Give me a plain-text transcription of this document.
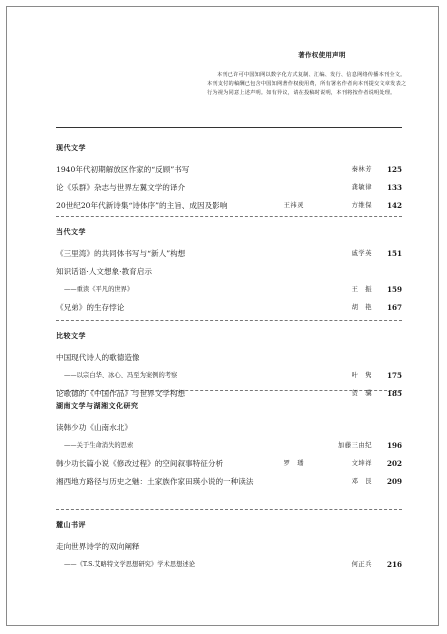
著作权使用声明
本刊已许可中国知网以数字化方式复制、汇编、发行、信息网络传播本刊全文。本刊支付的稿酬已包含中国知网著作权使用费，所有署名作者向本刊提交文章发表之行为视为同意上述声明。如有异议，请在投稿时说明，本刊将按作者说明处理。
现代文学
1940年代初期解放区作家的“反顾”书写	秦林芳	125
论《乐群》杂志与世界左翼文学的译介	龚敏律	133
20世纪20年代新诗集“诗体序”的主旨、成因及影响	王祎灵	方维保	142
当代文学
《三里湾》的共同体书写与“新人”构想	戚学英	151
知识话语·人文想象·教育启示
——重读《平凡的世界》	王　振	159
《兄弟》的生存悖论	胡　艳	167
比较文学
中国现代诗人的歌德造像
——以宗白华、冰心、冯至为案例的考察	叶　隽	175
论歌德的《中国作品》与世界文学构想	贺　骥	185
湖南文学与湖湘文化研究
读韩少功《山南水北》
——关于生命消失的思索	加藤三由纪	196
韩少功长篇小说《修改过程》的空间叙事特征分析	罗　璠	文坤祥	202
湘西地方路径与历史之魅：土家族作家田瑛小说的一种读法	邓　艮	209
麓山书评
走向世界诗学的双向阐释
——《T.S.艾略特文学思想研究》学术思想述论	何正兵	216
